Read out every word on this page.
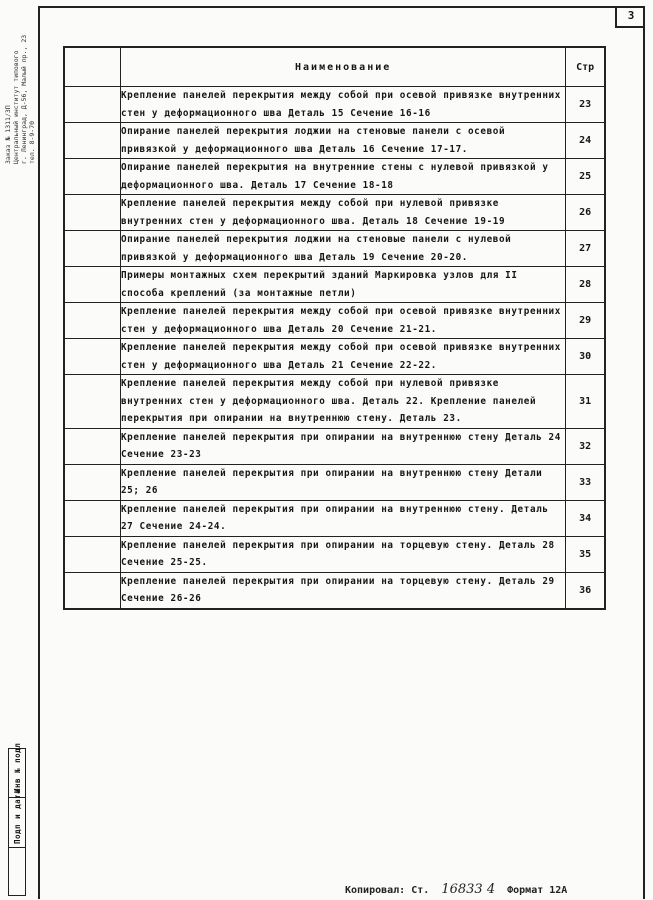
3
Заказ № 1311/3П Центральный институт типового г. Ленинград, Д-56, Малый пр., 23 тел. 8-9-70
Инв № подл
Подп и дата
	Наименование	Стр
	Крепление панелей перекрытия между собой при осевой привязке внутренних стен у деформационного шва Деталь 15 Сечение 16-16	23
	Опирание панелей перекрытия лоджии на стеновые панели с осевой привязкой у деформационного шва Деталь 16 Сечение 17-17.	24
	Опирание панелей перекрытия на внутренние стены с нулевой привязкой у деформационного шва. Деталь 17 Сечение 18-18	25
	Крепление панелей перекрытия между собой при нулевой привязке внутренних стен у деформационного шва. Деталь 18 Сечение 19-19	26
	Опирание панелей перекрытия лоджии на стеновые панели с нулевой привязкой у деформационного шва Деталь 19 Сечение 20-20.	27
	Примеры монтажных схем перекрытий зданий Маркировка узлов для II способа креплений (за монтажные петли)	28
	Крепление панелей перекрытия между собой при осевой привязке внутренних стен у деформационного шва Деталь 20 Сечение 21-21.	29
	Крепление панелей перекрытия между собой при осевой привязке внутренних стен у деформационного шва Деталь 21 Сечение 22-22.	30
	Крепление панелей перекрытия между собой при нулевой привязке внутренних стен у деформационного шва. Деталь 22. Крепление панелей перекрытия при опирании на внутреннюю стену. Деталь 23.	31
	Крепление панелей перекрытия при опирании на внутреннюю стену Деталь 24 Сечение 23-23	32
	Крепление панелей перекрытия при опирании на внутреннюю стену Детали 25; 26	33
	Крепление панелей перекрытия при опирании на внутреннюю стену. Деталь 27 Сечение 24-24.	34
	Крепление панелей перекрытия при опирании на торцевую стену. Деталь 28 Сечение 25-25.	35
	Крепление панелей перекрытия при опирании на торцевую стену. Деталь 29 Сечение 26-26	36
Копировал: Ст. 16833 4 Формат 12А
